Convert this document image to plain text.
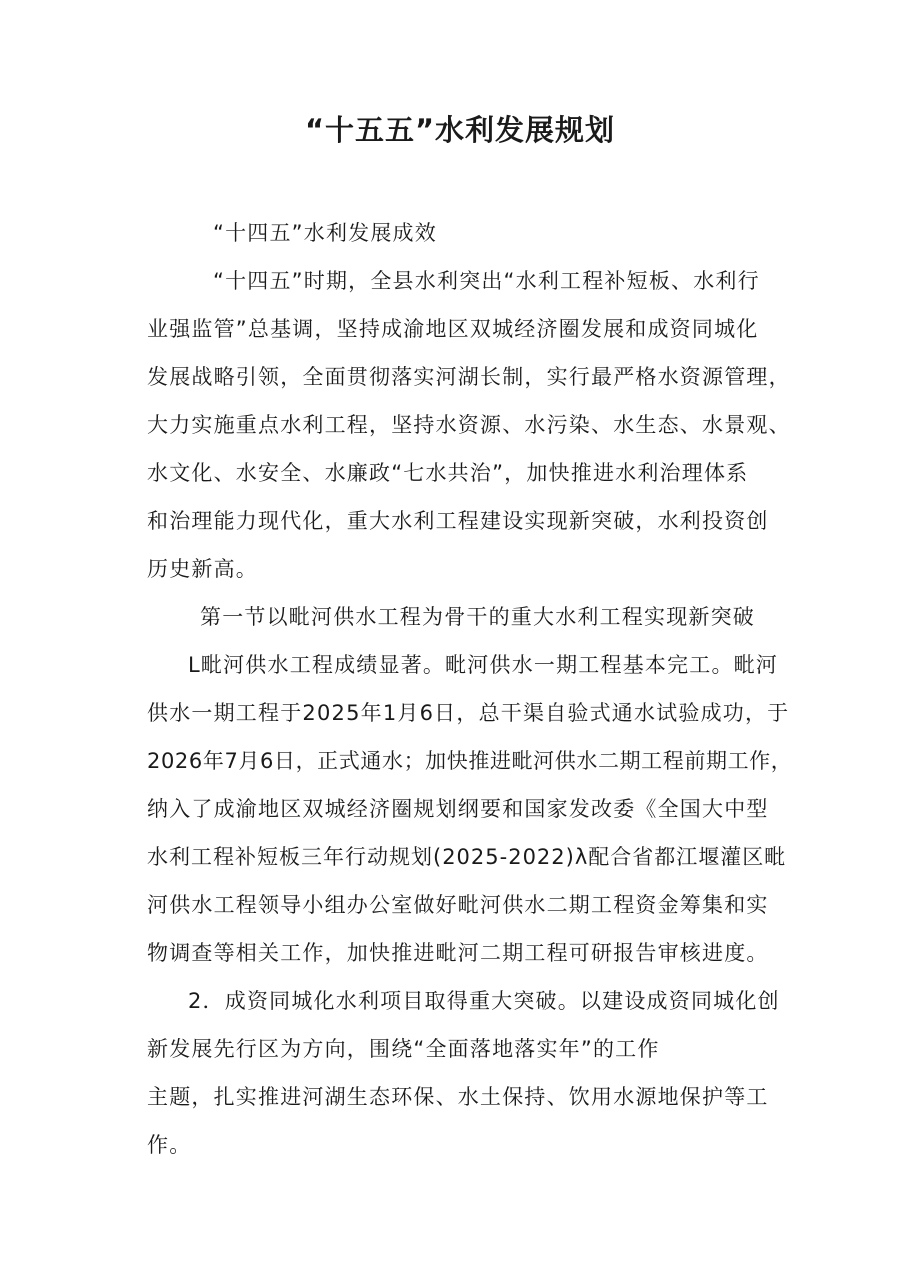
“十五五”水利发展规划

“十四五”水利发展成效

“十四五”时期，全县水利突出“水利工程补短板、水利行

业强监管”总基调，坚持成渝地区双城经济圈发展和成资同城化

发展战略引领，全面贯彻落实河湖长制，实行最严格水资源管理，

大力实施重点水利工程，坚持水资源、水污染、水生态、水景观、

水文化、水安全、水廉政“七水共治”，加快推进水利治理体系

和治理能力现代化，重大水利工程建设实现新突破，水利投资创

历史新高。

第一节以毗河供水工程为骨干的重大水利工程实现新突破

L毗河供水工程成绩显著。毗河供水一期工程基本完工。毗河

供水一期工程于2025年1月6日，总干渠自验式通水试验成功，于

2026年7月6日，正式通水；加快推进毗河供水二期工程前期工作，

纳入了成渝地区双城经济圈规划纲要和国家发改委《全国大中型

水利工程补短板三年行动规划(2025-2022)λ配合省都江堰灌区毗

河供水工程领导小组办公室做好毗河供水二期工程资金筹集和实

物调查等相关工作，加快推进毗河二期工程可研报告审核进度。

2．成资同城化水利项目取得重大突破。以建设成资同城化创

新发展先行区为方向，围绕“全面落地落实年”的工作

主题，扎实推进河湖生态环保、水土保持、饮用水源地保护等工

作。
